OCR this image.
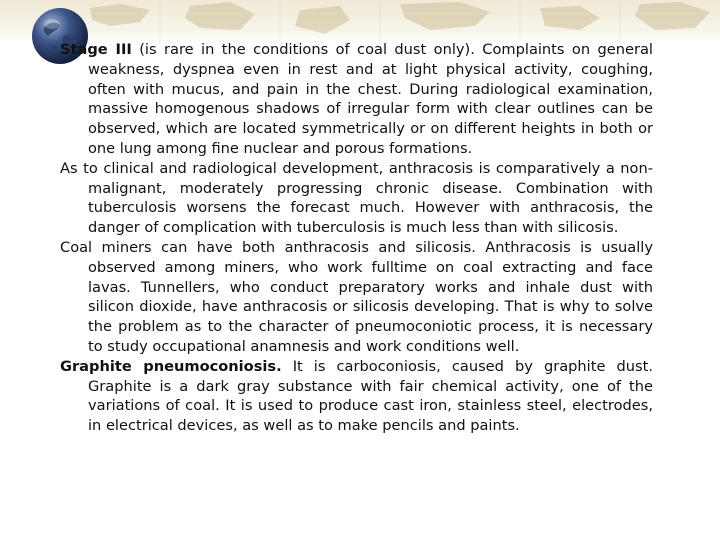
Stage III (is rare in the conditions of coal dust only). Complaints on general weakness, dyspnea even in rest and at light physical activity, coughing, often with mucus, and pain in the chest. During radiological examination, massive homogenous shadows of irregular form with clear outlines can be observed, which are located symmetrically or on different heights in both or one lung among fine nuclear and porous formations.

As to clinical and radiological development, anthracosis is comparatively a non-malignant, moderately progressing chronic disease. Combination with tuberculosis worsens the forecast much. However with anthracosis, the danger of complication with tuberculosis is much less than with silicosis.

Coal miners can have both anthracosis and silicosis. Anthracosis is usually observed among miners, who work fulltime on coal extracting and face lavas. Tunnellers, who conduct preparatory works and inhale dust with silicon dioxide, have anthracosis or silicosis developing. That is why to solve the problem as to the character of pneumoconiotic process, it is necessary to study occupational anamnesis and work conditions well.

Graphite pneumoconiosis. It is carboconiosis, caused by graphite dust. Graphite is a dark gray substance with fair chemical activity, one of the variations of coal. It is used to produce cast iron, stainless steel, electrodes, in electrical devices, as well as to make pencils and paints.
